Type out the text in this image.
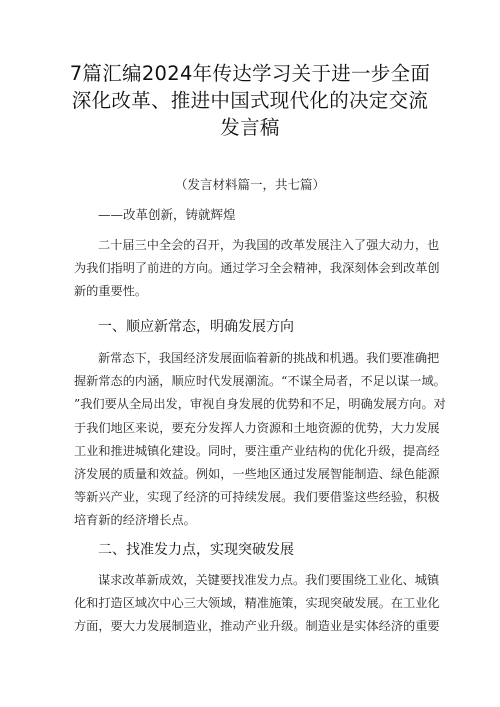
7篇汇编2024年传达学习关于进一步全面
深化改革、推进中国式现代化的决定交流
发言稿
（发言材料篇一，共七篇）
——改革创新，铸就辉煌
二十届三中全会的召开，为我国的改革发展注入了强大动力，也
为我们指明了前进的方向。通过学习全会精神，我深刻体会到改革创
新的重要性。
一、顺应新常态，明确发展方向
新常态下，我国经济发展面临着新的挑战和机遇。我们要准确把
握新常态的内涵，顺应时代发展潮流。“不谋全局者，不足以谋一域。
”我们要从全局出发，审视自身发展的优势和不足，明确发展方向。对
于我们地区来说，要充分发挥人力资源和土地资源的优势，大力发展
工业和推进城镇化建设。同时，要注重产业结构的优化升级，提高经
济发展的质量和效益。例如，一些地区通过发展智能制造、绿色能源
等新兴产业，实现了经济的可持续发展。我们要借鉴这些经验，积极
培育新的经济增长点。
二、找准发力点，实现突破发展
谋求改革新成效，关键要找准发力点。我们要围绕工业化、城镇
化和打造区域次中心三大领域，精准施策，实现突破发展。在工业化
方面，要大力发展制造业，推动产业升级。制造业是实体经济的重要
